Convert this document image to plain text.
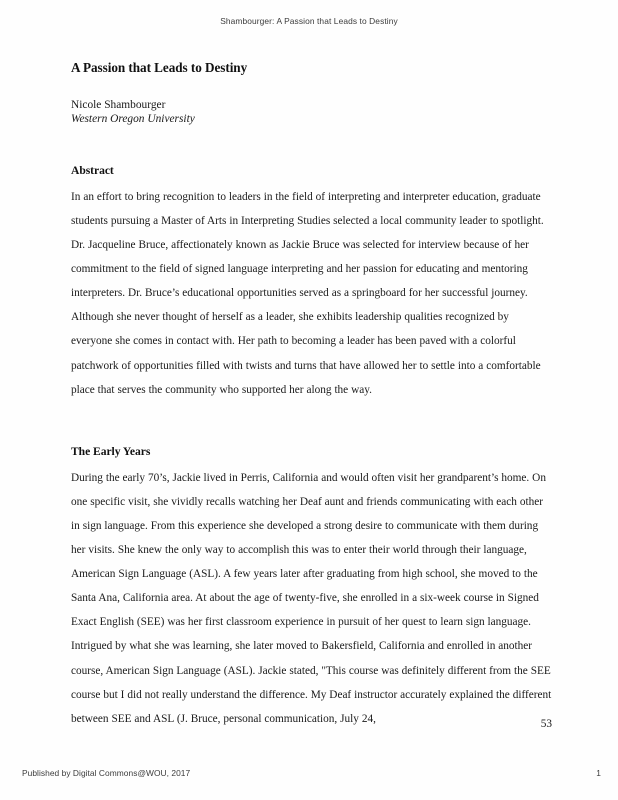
Shambourger: A Passion that Leads to Destiny
A Passion that Leads to Destiny
Nicole Shambourger
Western Oregon University
Abstract

In an effort to bring recognition to leaders in the field of interpreting and interpreter education, graduate students pursuing a Master of Arts in Interpreting Studies selected a local community leader to spotlight. Dr. Jacqueline Bruce, affectionately known as Jackie Bruce was selected for interview because of her commitment to the field of signed language interpreting and her passion for educating and mentoring interpreters. Dr. Bruce’s educational opportunities served as a springboard for her successful journey. Although she never thought of herself as a leader, she exhibits leadership qualities recognized by everyone she comes in contact with. Her path to becoming a leader has been paved with a colorful patchwork of opportunities filled with twists and turns that have allowed her to settle into a comfortable place that serves the community who supported her along the way.

The Early Years

During the early 70’s, Jackie lived in Perris, California and would often visit her grandparent’s home. On one specific visit, she vividly recalls watching her Deaf aunt and friends communicating with each other in sign language. From this experience she developed a strong desire to communicate with them during her visits. She knew the only way to accomplish this was to enter their world through their language, American Sign Language (ASL). A few years later after graduating from high school, she moved to the Santa Ana, California area. At about the age of twenty-five, she enrolled in a six-week course in Signed Exact English (SEE) was her first classroom experience in pursuit of her quest to learn sign language. Intrigued by what she was learning, she later moved to Bakersfield, California and enrolled in another course, American Sign Language (ASL). Jackie stated, "This course was definitely different from the SEE course but I did not really understand the difference. My Deaf instructor accurately explained the different between SEE and ASL (J. Bruce, personal communication, July 24,	53
Published by Digital Commons@WOU, 2017	1
